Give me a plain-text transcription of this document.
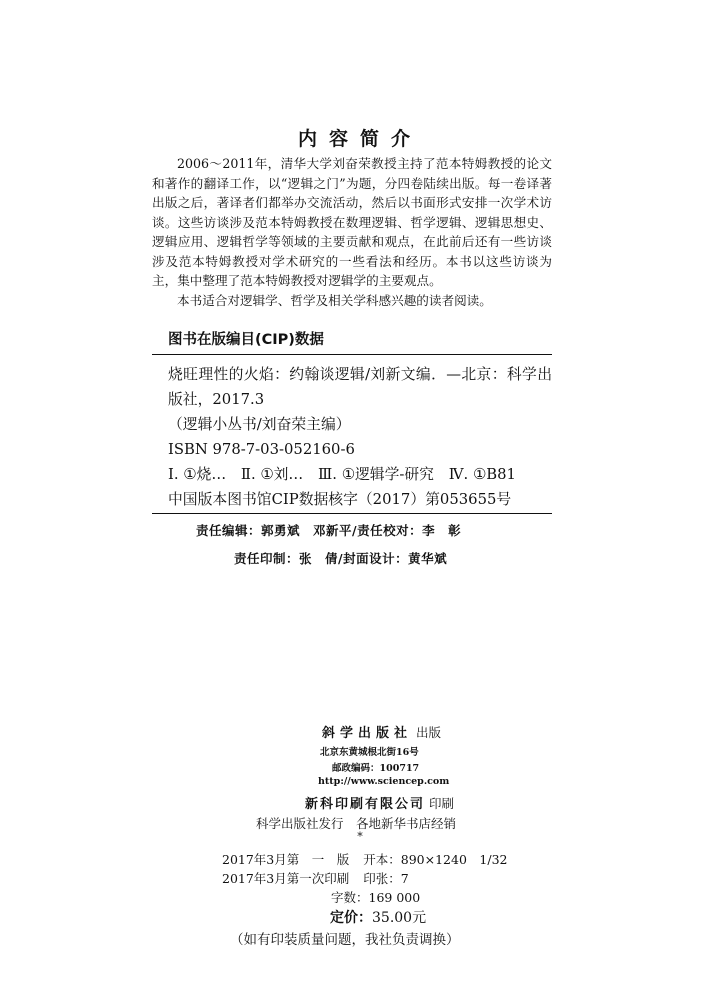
内容简介

2006～2011年，清华大学刘奋荣教授主持了范本特姆教授的论文和著作的翻译工作，以“逻辑之门”为题，分四卷陆续出版。每一卷译著出版之后，著译者们都举办交流活动，然后以书面形式安排一次学术访谈。这些访谈涉及范本特姆教授在数理逻辑、哲学逻辑、逻辑思想史、逻辑应用、逻辑哲学等领域的主要贡献和观点，在此前后还有一些访谈涉及范本特姆教授对学术研究的一些看法和经历。本书以这些访谈为主，集中整理了范本特姆教授对逻辑学的主要观点。

本书适合对逻辑学、哲学及相关学科感兴趣的读者阅读。

图书在版编目(CIP)数据
烧旺理性的火焰：约翰谈逻辑/刘新文编．—北京：科学出版社，2017.3
（逻辑小丛书/刘奋荣主编）
ISBN 978-7-03-052160-6
Ⅰ. ①烧…　Ⅱ. ①刘…　Ⅲ. ①逻辑学-研究　Ⅳ. ①B81
中国版本图书馆CIP数据核字（2017）第053655号
责任编辑：郭勇斌　邓新平/责任校对：李　彰
责任印制：张　倩/封面设计：黄华斌
斜学出版社 出版
北京东黄城根北街16号
邮政编码：100717
http://www.sciencep.com
新科印刷有限公司 印刷
科学出版社发行　各地新华书店经销
*
2017年3月第　一　版 开本：890×1240　1/32
2017年3月第一次印刷 印张：7
字数：169 000
定价：35.00元
（如有印装质量问题，我社负责调换）
